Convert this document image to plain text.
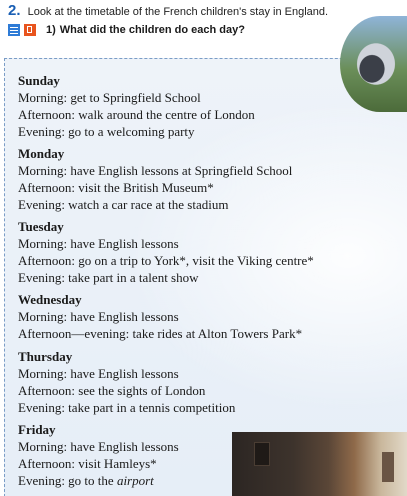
2. Look at the timetable of the French children's stay in England.
1) What did the children do each day?
Sunday
Morning: get to Springfield School
Afternoon: walk around the centre of London
Evening: go to a welcoming party
Monday
Morning: have English lessons at Springfield School
Afternoon: visit the British Museum*
Evening: watch a car race at the stadium
Tuesday
Morning: have English lessons
Afternoon: go on a trip to York*, visit the Viking centre*
Evening: take part in a talent show
Wednesday
Morning: have English lessons
Afternoon—evening: take rides at Alton Towers Park*
Thursday
Morning: have English lessons
Afternoon: see the sights of London
Evening: take part in a tennis competition
Friday
Morning: have English lessons
Afternoon: visit Hamleys*
Evening: go to the airport
